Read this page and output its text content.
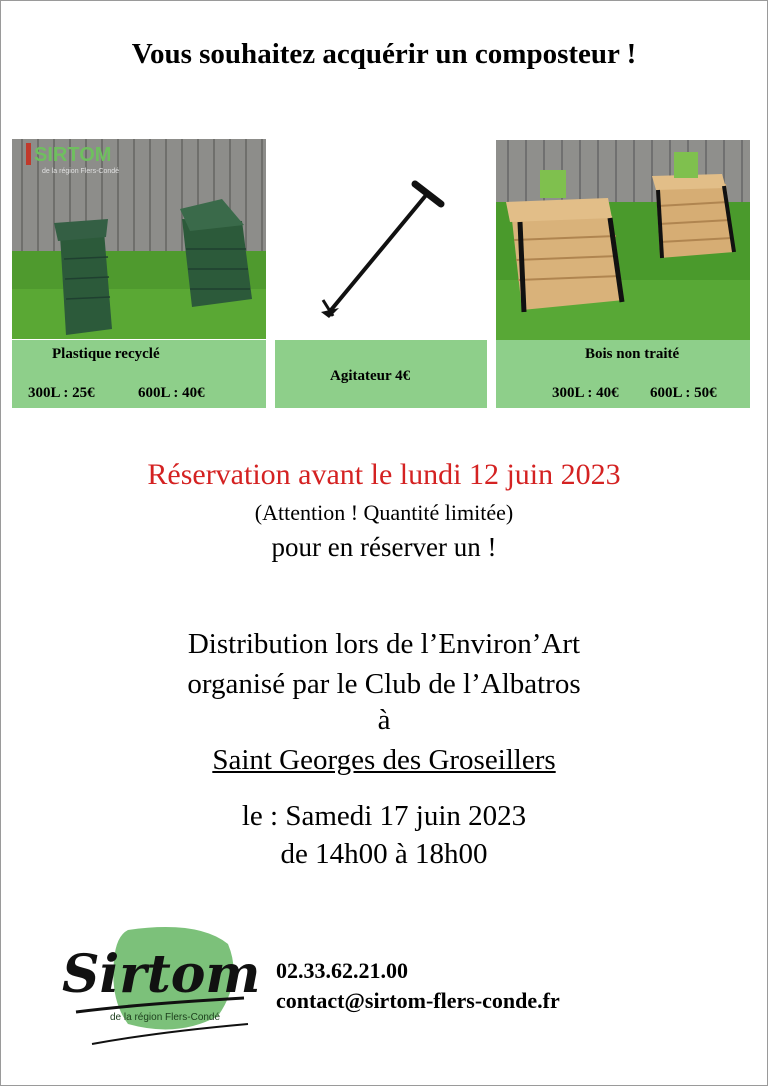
Vous souhaitez acquérir un composteur !
SIRTOM
de la région Flers-Condé
Plastique recyclé
300L : 25€	600L : 40€
Agitateur 4€
Bois non traité
300L : 40€ 600L : 50€
Réservation avant le lundi 12 juin 2023
(Attention ! Quantité limitée)
pour en réserver un !
Distribution lors de l’Environ’Art
organisé par le Club de l’Albatros
à
Saint Georges des Groseillers
le : Samedi 17 juin 2023
de 14h00 à 18h00
Sirtom
de la région Flers-Condé
02.33.62.21.00
contact@sirtom-flers-conde.fr
